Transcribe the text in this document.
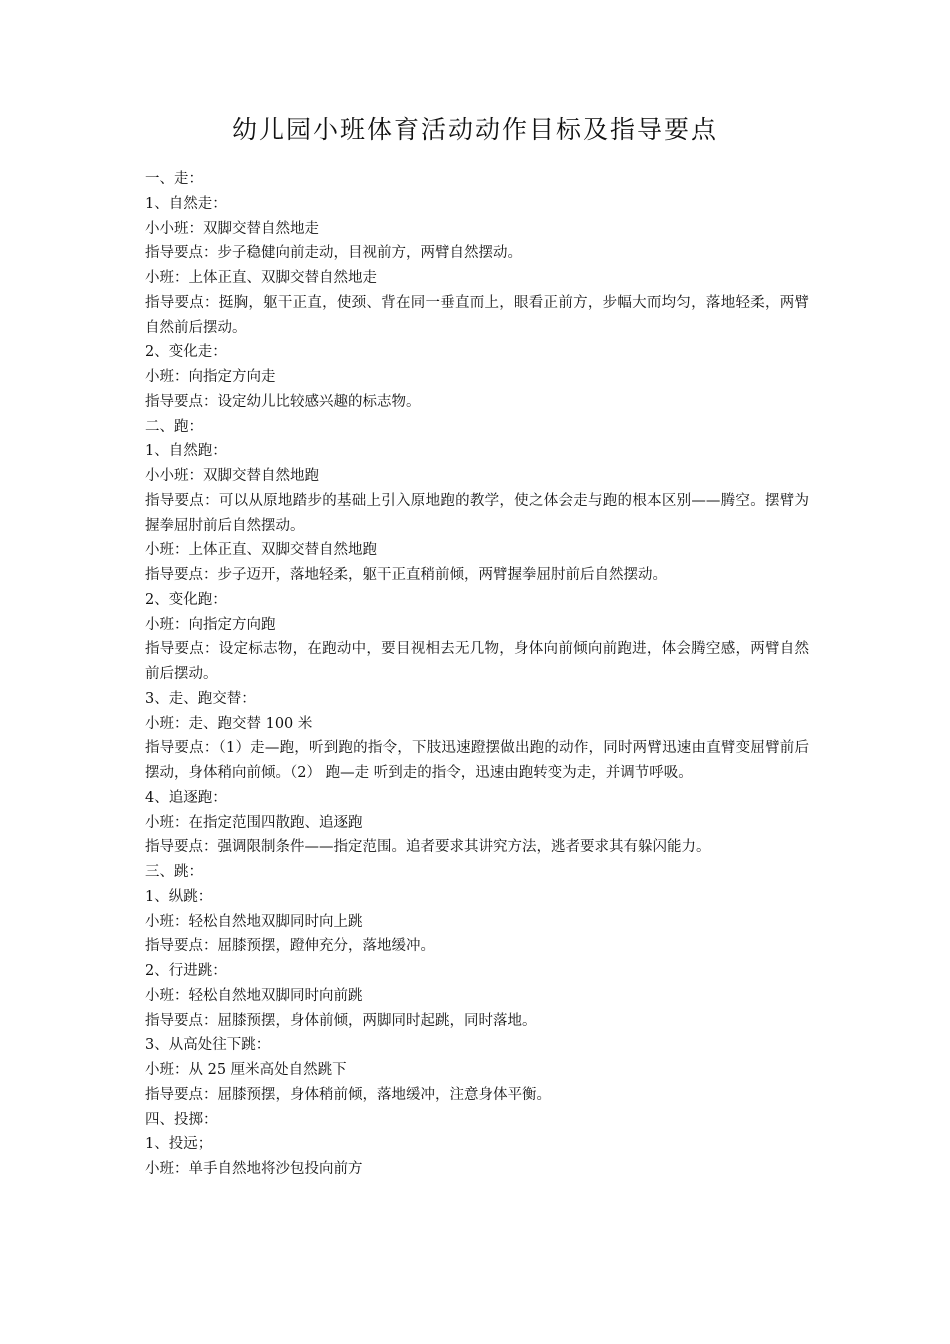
幼儿园小班体育活动动作目标及指导要点

一、走：

1、自然走：

小小班：双脚交替自然地走

指导要点：步子稳健向前走动，目视前方，两臂自然摆动。

小班：上体正直、双脚交替自然地走

指导要点：挺胸，躯干正直，使颈、背在同一垂直而上，眼看正前方，步幅大而均匀，落地轻柔，两臂自然前后摆动。

2、变化走：

小班：向指定方向走

指导要点：设定幼儿比较感兴趣的标志物。

二、跑：

1、自然跑：

小小班：双脚交替自然地跑

指导要点：可以从原地踏步的基础上引入原地跑的教学，使之体会走与跑的根本区别——腾空。摆臂为握拳屈肘前后自然摆动。

小班：上体正直、双脚交替自然地跑

指导要点：步子迈开，落地轻柔，躯干正直稍前倾，两臂握拳屈肘前后自然摆动。

2、变化跑：

小班：向指定方向跑

指导要点：设定标志物，在跑动中，要目视相去无几物，身体向前倾向前跑进，体会腾空感，两臂自然前后摆动。

3、走、跑交替：

小班：走、跑交替 100 米

指导要点：（1）走—跑，听到跑的指令，下肢迅速蹬摆做出跑的动作，同时两臂迅速由直臂变屈臂前后摆动，身体稍向前倾。（2） 跑—走 听到走的指令，迅速由跑转变为走，并调节呼吸。

4、追逐跑：

小班：在指定范围四散跑、追逐跑

指导要点：强调限制条件——指定范围。追者要求其讲究方法，逃者要求其有躲闪能力。

三、跳：

1、纵跳：

小班：轻松自然地双脚同时向上跳

指导要点：屈膝预摆，蹬伸充分，落地缓冲。

2、行进跳：

小班：轻松自然地双脚同时向前跳

指导要点：屈膝预摆，身体前倾，两脚同时起跳，同时落地。

3、从高处往下跳：

小班：从 25 厘米高处自然跳下

指导要点：屈膝预摆，身体稍前倾，落地缓冲，注意身体平衡。

四、投掷：

1、投远；

小班：单手自然地将沙包投向前方
